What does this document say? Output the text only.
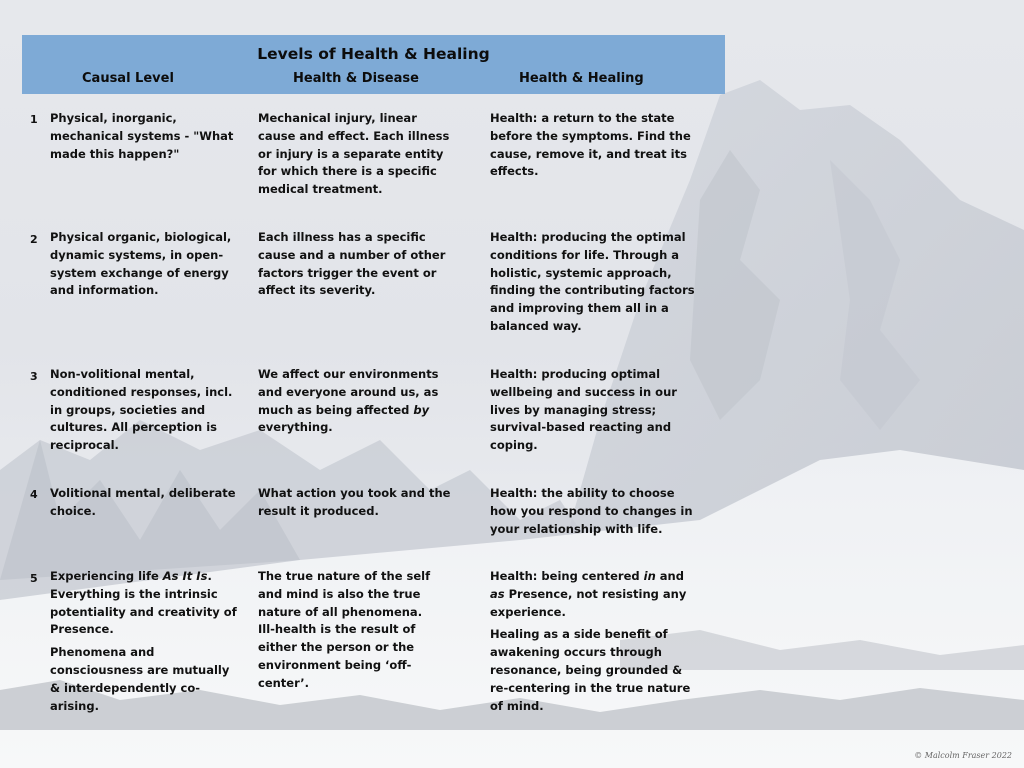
Levels of Health & Healing
Causal Level	Health & Disease	Health & Healing
1 Physical, inorganic, mechanical systems - "What made this happen?"
Mechanical injury, linear cause and effect. Each illness or injury is a separate entity for which there is a specific medical treatment.
Health: a return to the state before the symptoms. Find the cause, remove it, and treat its effects.
2 Physical organic, biological, dynamic systems, in open-system exchange of energy and information.
Each illness has a specific cause and a number of other factors trigger the event or affect its severity.
Health: producing the optimal conditions for life. Through a holistic, systemic approach, finding the contributing factors and improving them all in a balanced way.
3 Non-volitional mental, conditioned responses, incl. in groups, societies and cultures. All perception is reciprocal.
We affect our environments and everyone around us, as much as being affected by everything.
Health: producing optimal wellbeing and success in our lives by managing stress; survival-based reacting and coping.
4 Volitional mental, deliberate choice.
What action you took and the result it produced.
Health: the ability to choose how you respond to changes in your relationship with life.
5 Experiencing life As It Is. Everything is the intrinsic potentiality and creativity of Presence.
Phenomena and consciousness are mutually & interdependently co-arising.
The true nature of the self and mind is also the true nature of all phenomena.
Ill-health is the result of either the person or the environment being ‘off-center’.
Health: being centered in and as Presence, not resisting any experience.
Healing as a side benefit of awakening occurs through resonance, being grounded & re-centering in the true nature of mind.
© Malcolm Fraser 2022
